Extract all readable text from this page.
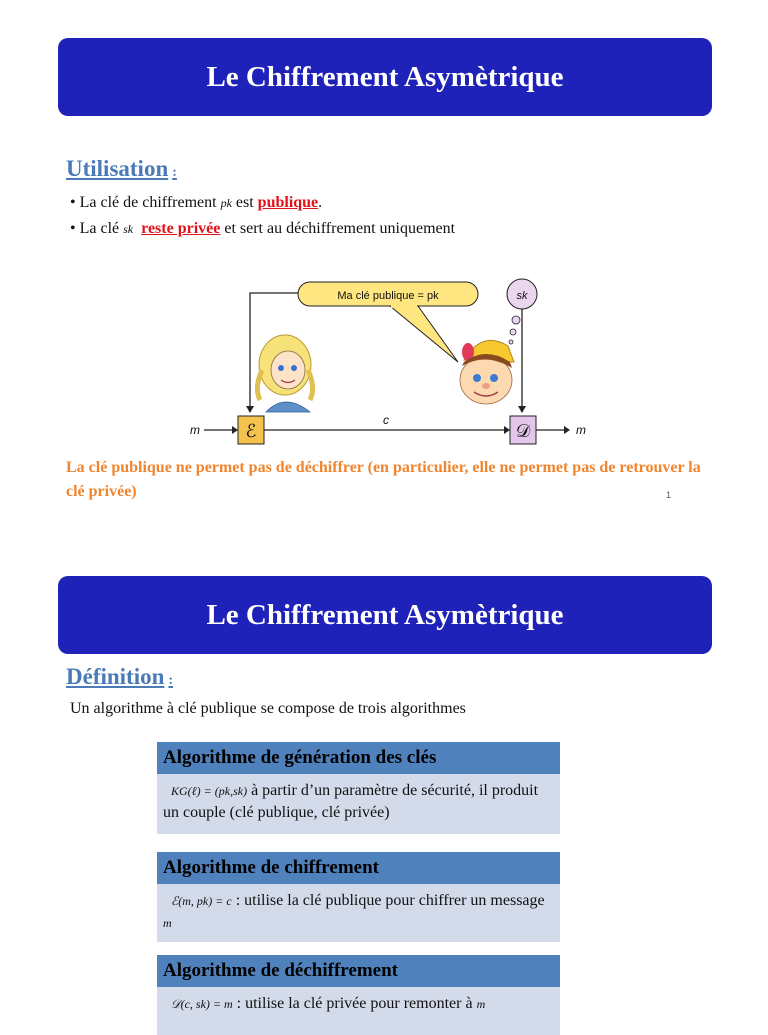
Le Chiffrement Asymètrique
Utilisation :
• La clé de chiffrement pk est publique.
• La clé sk reste privée et sert au déchiffrement uniquement
Ma clé publique = pk	sk
m	ℰ
c
𝒟	m
La clé publique ne permet pas de déchiffrer (en particulier, elle ne permet pas de retrouver la clé privée)	1
Le Chiffrement Asymètrique
Définition :
Un algorithme à clé publique se compose de trois algorithmes
Algorithme de génération des clés
KG(ℓ) = (pk,sk) à partir d’un paramètre de sécurité, il produit un couple (clé publique, clé privée)
Algorithme de chiffrement
ℰ(m, pk) = c : utilise la clé publique pour chiffrer un message m
Algorithme de déchiffrement
𝒟(c, sk) = m : utilise la clé privée pour remonter à m
